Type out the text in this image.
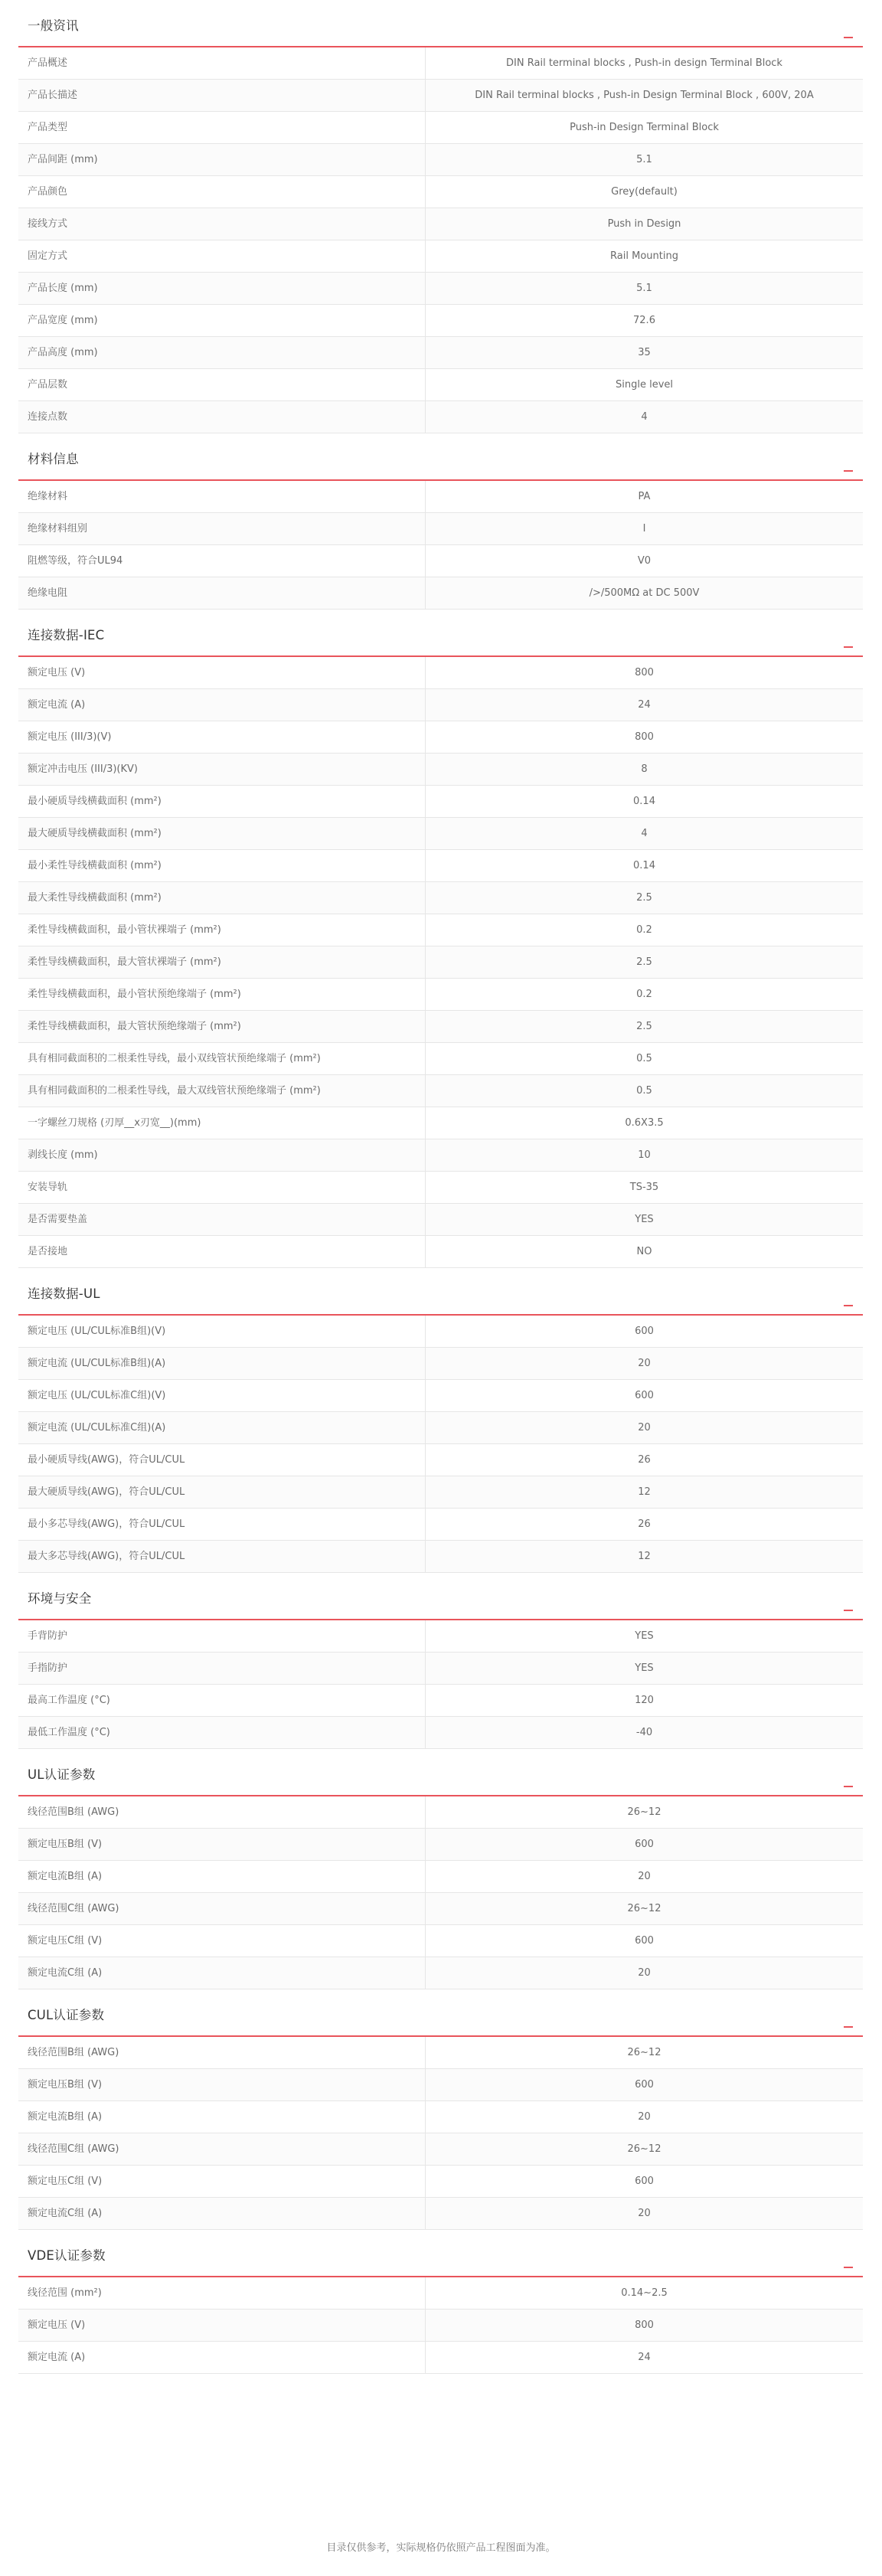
一般资讯
产品概述	DIN Rail terminal blocks , Push-in design Terminal Block
产品长描述	DIN Rail terminal blocks , Push-in Design Terminal Block , 600V, 20A
产品类型	Push-in Design Terminal Block
产品间距 (mm)	5.1
产品颜色	Grey(default)
接线方式	Push in Design
固定方式	Rail Mounting
产品长度 (mm)	5.1
产品宽度 (mm)	72.6
产品高度 (mm)	35
产品层数	Single level
连接点数	4
材料信息
绝缘材料	PA
绝缘材料组别	I
阻燃等级，符合UL94	V0
绝缘电阻	/>/500MΩ at DC 500V
连接数据-IEC
额定电压 (V)	800
额定电流 (A)	24
额定电压 (III/3)(V)	800
额定冲击电压 (III/3)(KV)	8
最小硬质导线横截面积 (mm²)	0.14
最大硬质导线横截面积 (mm²)	4
最小柔性导线横截面积 (mm²)	0.14
最大柔性导线横截面积 (mm²)	2.5
柔性导线横截面积，最小管状裸端子 (mm²)	0.2
柔性导线横截面积，最大管状裸端子 (mm²)	2.5
柔性导线横截面积，最小管状预绝缘端子 (mm²)	0.2
柔性导线横截面积，最大管状预绝缘端子 (mm²)	2.5
具有相同截面积的二根柔性导线，最小双线管状预绝缘端子 (mm²)	0.5
具有相同截面积的二根柔性导线，最大双线管状预绝缘端子 (mm²)	0.5
一字螺丝刀规格 (刃厚__x刃宽__)(mm)	0.6X3.5
剥线长度 (mm)	10
安装导轨	TS-35
是否需要垫盖	YES
是否接地	NO
连接数据-UL
额定电压 (UL/CUL标准B组)(V)	600
额定电流 (UL/CUL标准B组)(A)	20
额定电压 (UL/CUL标准C组)(V)	600
额定电流 (UL/CUL标准C组)(A)	20
最小硬质导线(AWG)，符合UL/CUL	26
最大硬质导线(AWG)，符合UL/CUL	12
最小多芯导线(AWG)，符合UL/CUL	26
最大多芯导线(AWG)，符合UL/CUL	12
环境与安全
手背防护	YES
手指防护	YES
最高工作温度 (°C)	120
最低工作温度 (°C)	-40
UL认证参数
线径范围B组 (AWG)	26~12
额定电压B组 (V)	600
额定电流B组 (A)	20
线径范围C组 (AWG)	26~12
额定电压C组 (V)	600
额定电流C组 (A)	20
CUL认证参数
线径范围B组 (AWG)	26~12
额定电压B组 (V)	600
额定电流B组 (A)	20
线径范围C组 (AWG)	26~12
额定电压C组 (V)	600
额定电流C组 (A)	20
VDE认证参数
线径范围 (mm²)	0.14~2.5
额定电压 (V)	800
额定电流 (A)	24
目录仅供参考，实际规格仍依照产品工程图面为准。
